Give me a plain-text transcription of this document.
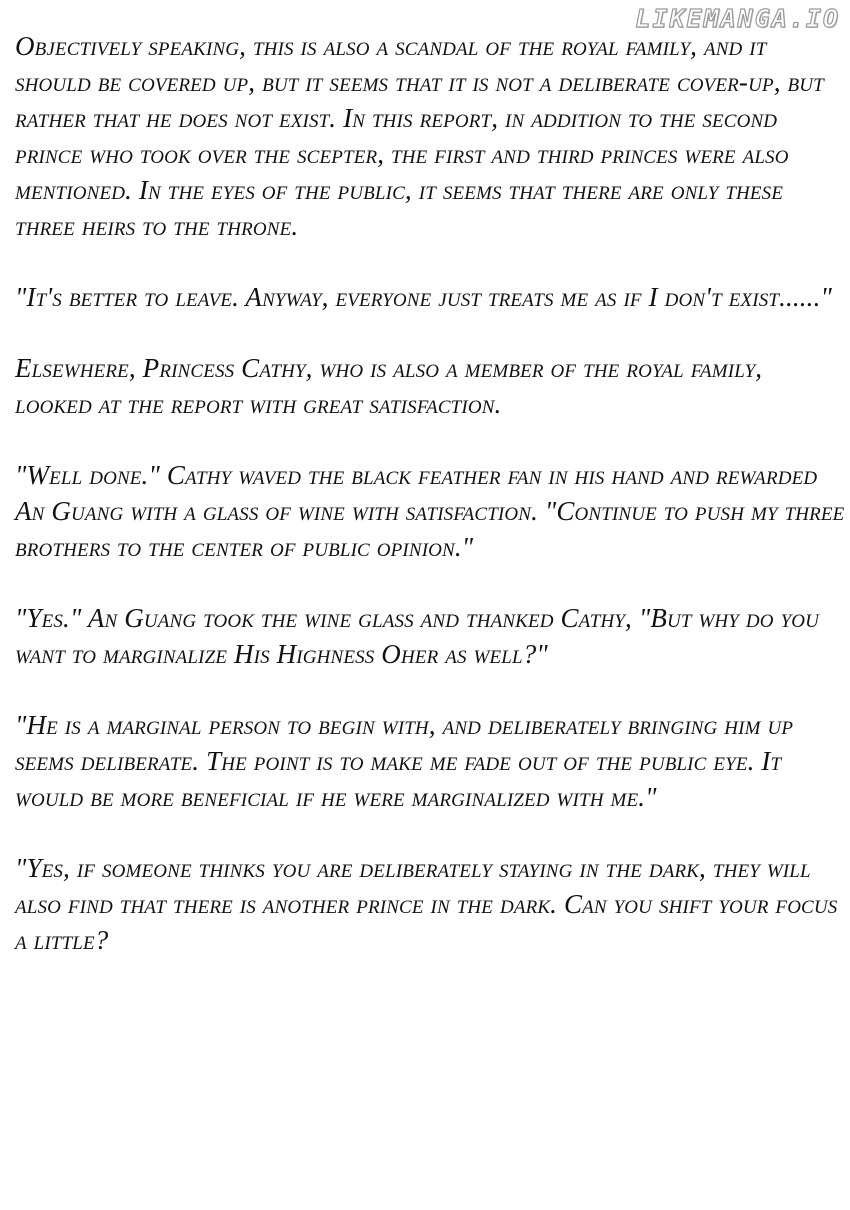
LIKEMANGA.IO

Objectively speaking, this is also a scandal of the royal family, and it should be covered up, but it seems that it is not a deliberate cover-up, but rather that he does not exist. In this report, in addition to the second prince who took over the scepter, the first and third princes were also mentioned. In the eyes of the public, it seems that there are only these three heirs to the throne.

"It's better to leave. Anyway, everyone just treats me as if I don't exist......"

Elsewhere, Princess Cathy, who is also a member of the royal family, looked at the report with great satisfaction.

"Well done." Cathy waved the black feather fan in his hand and rewarded An Guang with a glass of wine with satisfaction. "Continue to push my three brothers to the center of public opinion."

"Yes." An Guang took the wine glass and thanked Cathy, "But why do you want to marginalize His Highness Oher as well?"

"He is a marginal person to begin with, and deliberately bringing him up seems deliberate. The point is to make me fade out of the public eye. It would be more beneficial if he were marginalized with me."

"Yes, if someone thinks you are deliberately staying in the dark, they will also find that there is another prince in the dark. Can you shift your focus a little?
